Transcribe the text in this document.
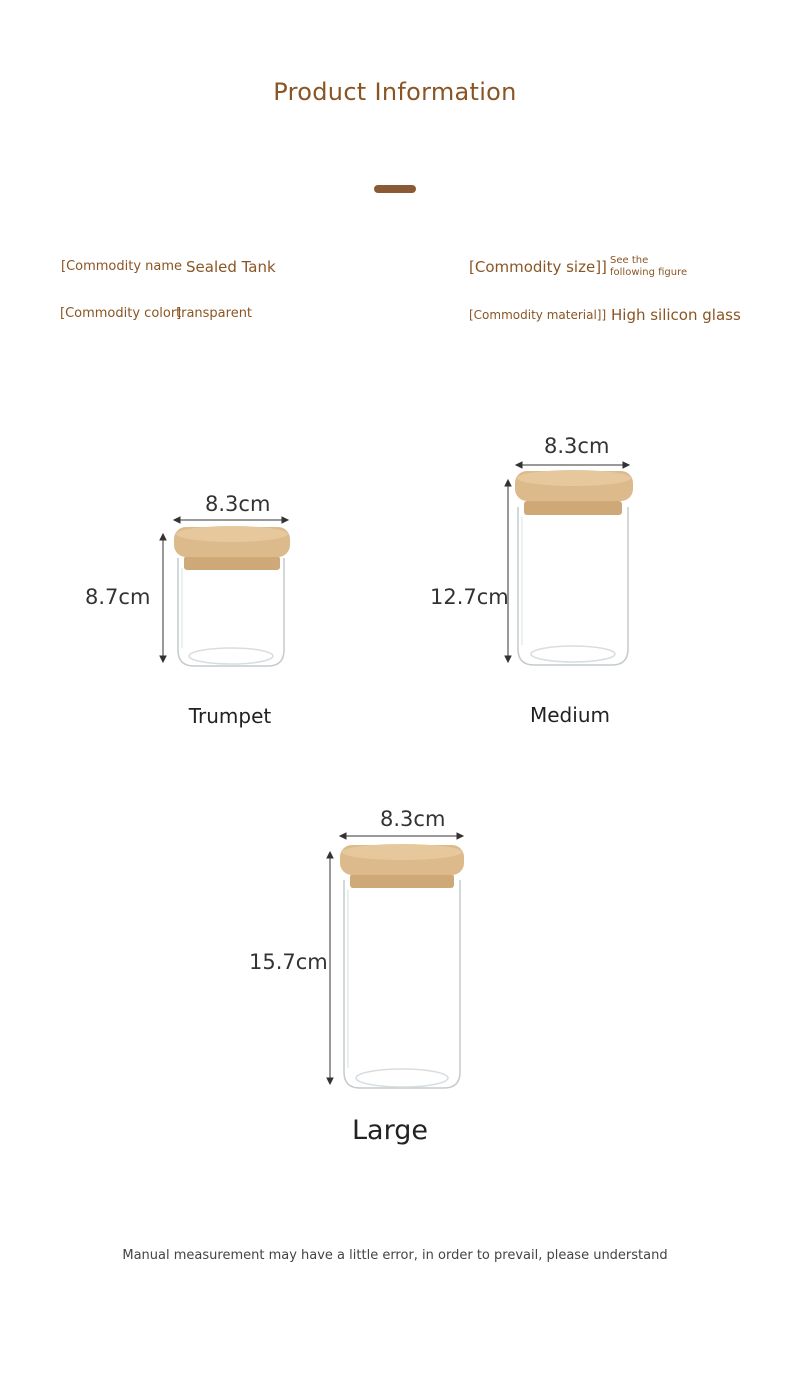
Product Information
[Commodity name Sealed Tank
[Commodity color]
transparent
[Commodity size]] See the
following figure
[Commodity material]] High silicon glass
8.3cm
8.7cm
Trumpet
8.3cm
12.7cm
Medium
8.3cm
15.7cm
Large
Manual measurement may have a little error, in order to prevail, please understand
